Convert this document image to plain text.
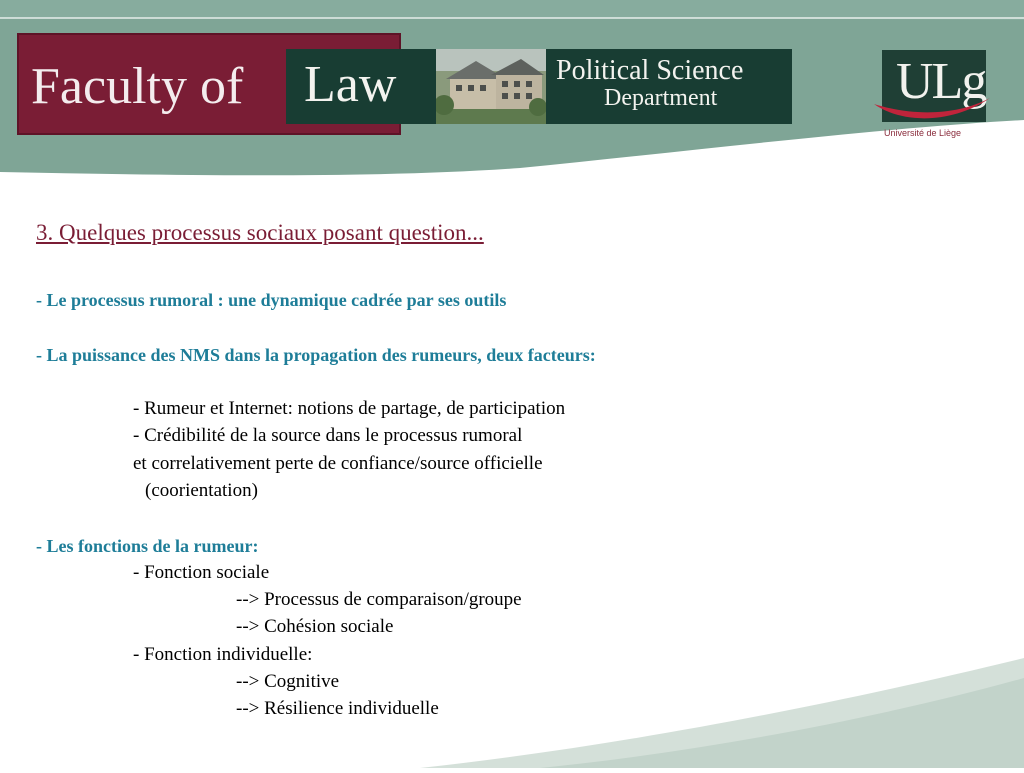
Faculty of Law	Political Science
Department	ULg
Université de Liège
3. Quelques processus sociaux posant question...
- Le processus rumoral : une dynamique cadrée par ses outils
- La puissance des NMS dans la propagation des rumeurs, deux facteurs:
- Rumeur et Internet: notions de partage, de participation
- Crédibilité de la source dans le processus rumoral
et correlativement perte de confiance/source officielle
(coorientation)
- Les fonctions de la rumeur:
- Fonction sociale
--> Processus de comparaison/groupe
--> Cohésion sociale
- Fonction individuelle:
--> Cognitive
--> Résilience individuelle
